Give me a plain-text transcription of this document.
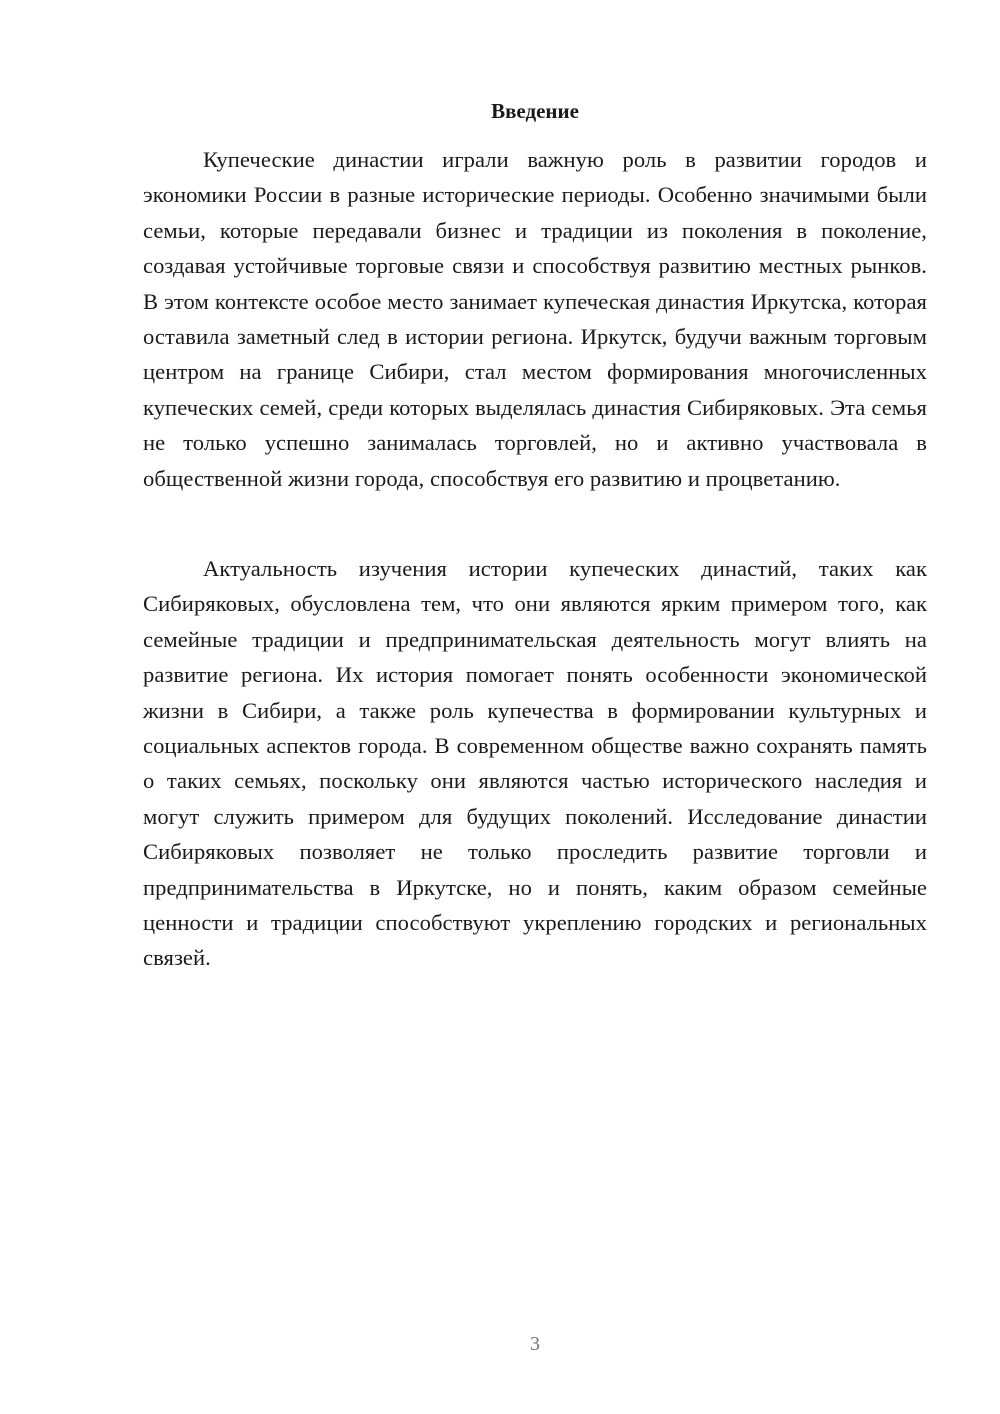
Введение

Купеческие династии играли важную роль в развитии городов и экономики России в разные исторические периоды. Особенно значимыми были семьи, которые передавали бизнес и традиции из поколения в поколение, создавая устойчивые торговые связи и способствуя развитию местных рынков. В этом контексте особое место занимает купеческая династия Иркутска, которая оставила заметный след в истории региона. Иркутск, будучи важным торговым центром на границе Сибири, стал местом формирования многочисленных купеческих семей, среди которых выделялась династия Сибиряковых. Эта семья не только успешно занималась торговлей, но и активно участвовала в общественной жизни города, способствуя его развитию и процветанию.

Актуальность изучения истории купеческих династий, таких как Сибиряковых, обусловлена тем, что они являются ярким примером того, как семейные традиции и предпринимательская деятельность могут влиять на развитие региона. Их история помогает понять особенности экономической жизни в Сибири, а также роль купечества в формировании культурных и социальных аспектов города. В современном обществе важно сохранять память о таких семьях, поскольку они являются частью исторического наследия и могут служить примером для будущих поколений. Исследование династии Сибиряковых позволяет не только проследить развитие торговли и предпринимательства в Иркутске, но и понять, каким образом семейные ценности и традиции способствуют укреплению городских и региональных связей.

3
